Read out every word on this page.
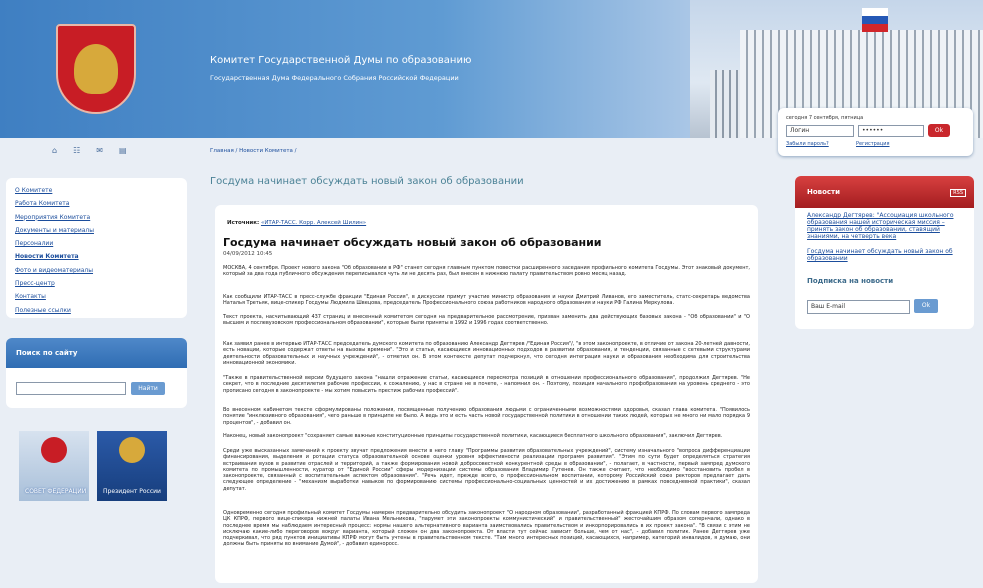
Комитет Государственной Думы по образованию
Государственная Дума Федерального Собрания Российской Федерации
сегодня 7 сентября, пятница
Логин	••••••	Ok
Забыли пароль?	Регистрация
⌂ ☷ ✉ ▤	Главная / Новости Комитета /
Госдума начинает обсуждать новый закон об образовании
О Комитете
Работа Комитета
Мероприятия Комитета
Документы и материалы
Персоналии
Новости Комитета
Фото и видеоматериалы
Пресс-центр
Контакты
Полезные ссылки
Поиск по сайту
Найти
СОВЕТ ФЕДЕРАЦИИ	Президент России
Источник: «ИТАР-ТАСС. Корр. Алексей Шилин»
Госдума начинает обсуждать новый закон об образовании
04/09/2012 10:45
МОСКВА, 4 сентября. Проект нового закона "Об образовании в РФ" станет сегодня главным пунктом повестки расширенного заседания профильного комитета Госдумы. Этот знаковый документ, который за два года публичного обсуждения переписывался чуть ли не десять раз, был внесен в нижнюю палату правительством ровно месяц назад.
Как сообщили ИТАР-ТАСС в пресс-службе фракции "Единая Россия", в дискуссии примут участие министр образования и науки Дмитрий Ливанов, его заместитель, статс-секретарь ведомства Наталья Третьяк, вице-спикер Госдумы Людмила Швецова, председатель Профессионального союза работников народного образования и науки РФ Галина Меркулова.
Текст проекта, насчитывающий 437 страниц и внесенный комитетом сегодня на предварительное рассмотрение, призван заменить два действующих базовых закона - "Об образовании" и "О высшем и послевузовском профессиональном образовании", которые были приняты в 1992 и 1996 годах соответственно.
Как заявил ранее в интервью ИТАР-ТАСС председатель думского комитета по образованию Александр Дегтярев /"Единая Россия"/, "в этом законопроекте, в отличие от закона 20-летней давности, есть новации, которые содержат ответы на вызовы времени". "Это и статьи, касающиеся инновационных подходов в развитии образования, и тенденции, связанные с сетевыми структурами деятельности образовательных и научных учреждений", - отметил он. В этом контексте депутат подчеркнул, что сегодня интеграция науки и образования необходима для строительства инновационной экономики.
"Также в правительственной версии будущего закона "нашли отражение статьи, касающиеся пересмотра позиций в отношении профессионального образования", продолжил Дегтярев. "Не секрет, что в последние десятилетия рабочие профессии, к сожалению, у нас в стране не в почете, - напомнил он. - Поэтому, позиция начального профобразования на уровень среднего - это прописано сегодня в законопроекте - мы хотим повысить престиж рабочих профессий".
Во внесенном кабинетом тексте сформулированы положения, посвященные получению образования людьми с ограниченными возможностями здоровья, сказал глава комитета. "Появилось понятие "инклюзивного образования", чего раньше в принципе не было. А ведь это и есть часть новой государственной политики в отношении таких людей, которых не много ни мало порядка 9 процентов", - добавил он.
Наконец, новый законопроект "сохраняет самые важные конституционные принципы государственной политики, касающиеся бесплатного школьного образования", заключил Дегтярев.
Среди уже высказанных замечаний к проекту звучат предложения внести в него главу "Программы развития образовательных учреждений", систему изначального "вопроса дифференциации финансирования, выделения и ротации статуса образовательной основе оценки уровня эффективности реализации программ развития". "Этим по сути будет определяться стратегия встраивания вузов в развитие отраслей и территорий, а также формирования новой добросовестной конкурентной среды в образовании", - полагает, в частности, первый зампред думского комитета по промышленности, куратор от "Единой России" сферы модернизации системы образования Владимир Гутенев. Он также считает, что необходимо "восстановить пробел в законопроекте, связанный с воспитательным аспектом образования". "Речь идет, прежде всего, о профессиональном воспитании, которому Российский союз ректоров предлагает дать следующее определение - "механизм выработки навыков по формированию системы профессионально-социальных ценностей и их достижению в рамках повседневной практики", сказал депутат.
Одновременно сегодня профильный комитет Госдумы намерен предварительно обсудить законопроект "О народном образовании", разработанный фракцией КПРФ. По словам первого зампреда ЦК КПРФ, первого вице-спикера нижней палаты Ивана Мельникова, "парумет эти законопроекты коммунистический" и правительственный" жесточайшим образом сопернчали, однако в последнее время мы наблюдаем интересный процесс: нормы нашего альтернативного варианта заимствовались правительством и инкорпорировались в их проект закона". "В связи с этим не исключаю какие-либо переговоров вокруг варианта, который сложен он два законопроекта. От власти тут сейчас зависит больше, чем от нас", - добавил политик. Ранее Дегтярев уже подчеркивал, что ряд пунктов инициативы КПРФ могут быть учтены в правительственном тексте. "Там много интересных позиций, касающихся, например, категорий инвалидов, я думаю, они должны быть приняты во внимание Думой", - добавил единоросс.
Новости	RSS
Александр Дегтярев: "Ассоциация школьного образования нашей историческая миссия – принять закон об образовании, ставящий знаниями, на четверть века
Госдума начинает обсуждать новый закон об образовании
Подписка на новости
Ваш E-mail	Ok
